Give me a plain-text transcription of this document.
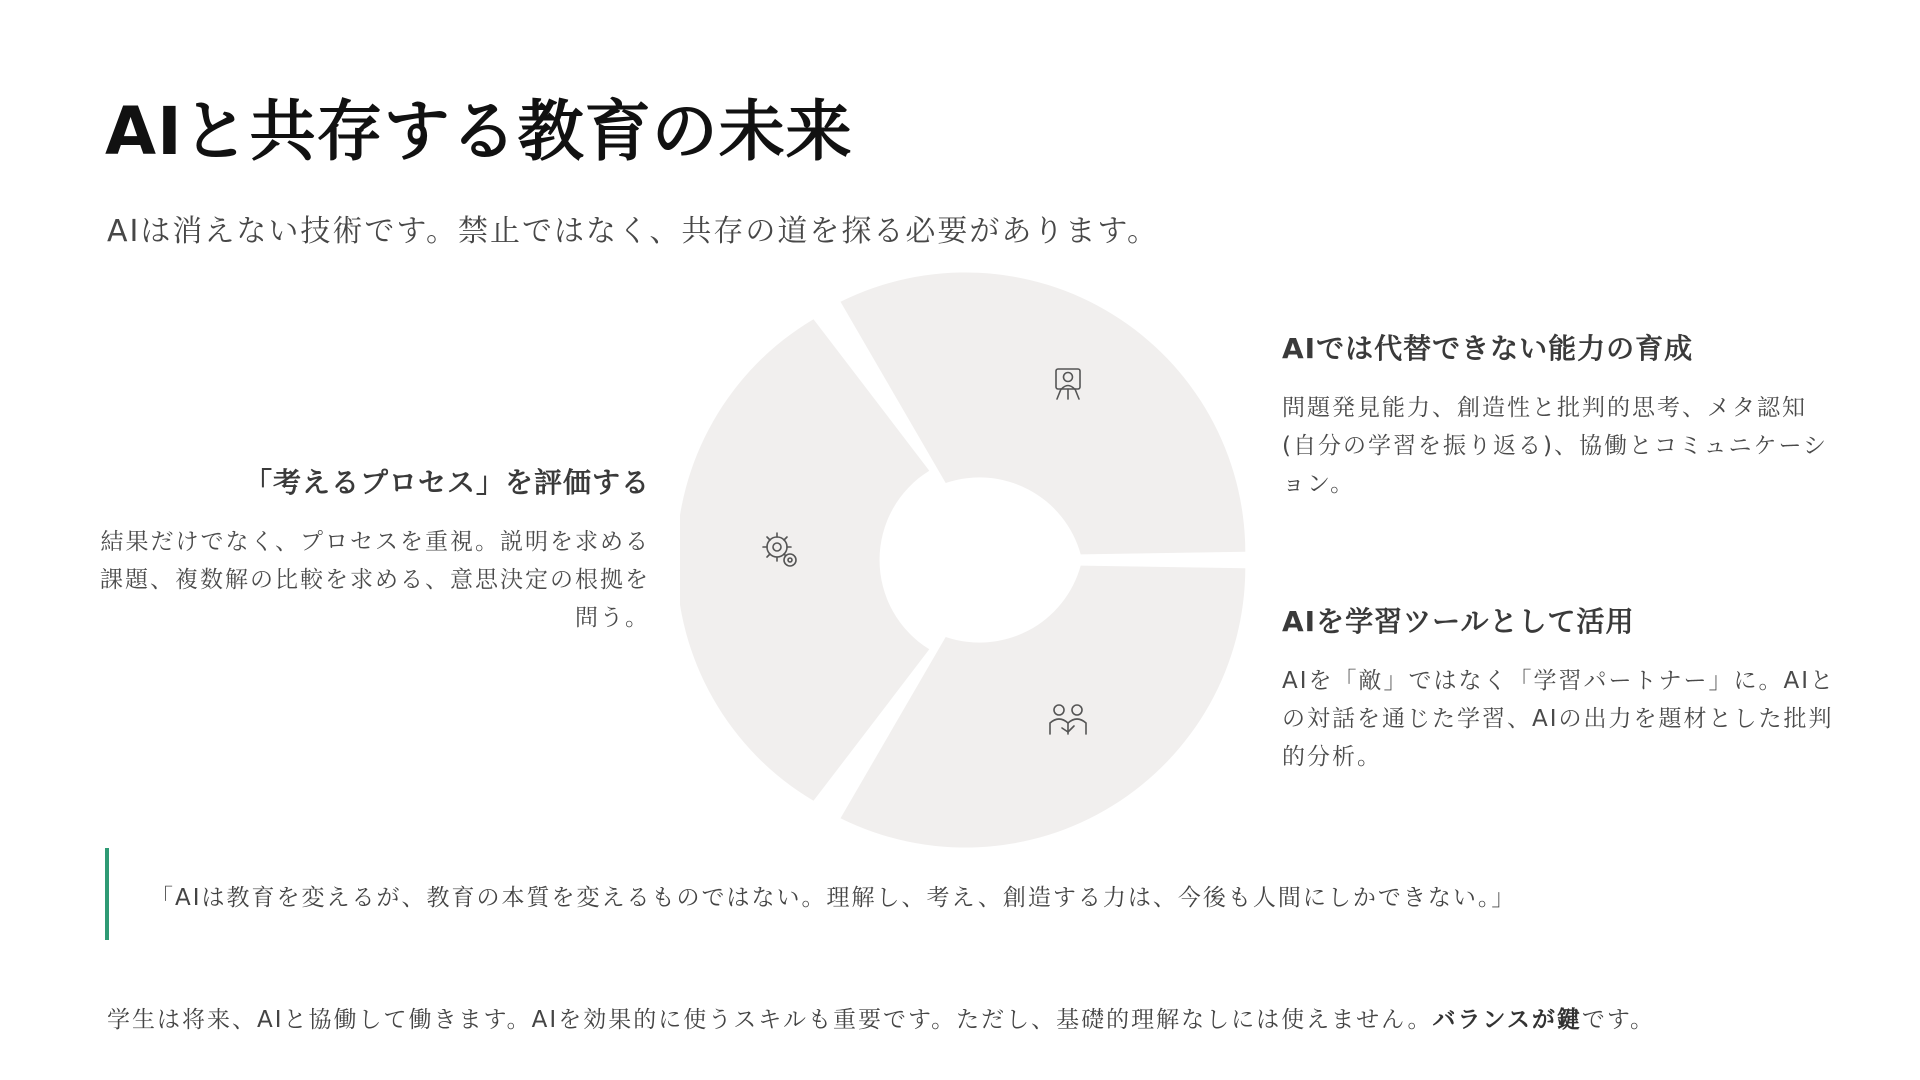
AIと共存する教育の未来

AIは消えない技術です。禁止ではなく、共存の道を探る必要があります。

「考えるプロセス」を評価する

結果だけでなく、プロセスを重視。説明を求める課題、複数解の比較を求める、意思決定の根拠を問う。

AIでは代替できない能力の育成

問題発見能力、創造性と批判的思考、メタ認知(自分の学習を振り返る)、協働とコミュニケーション。

AIを学習ツールとして活用

AIを「敵」ではなく「学習パートナー」に。AIとの対話を通じた学習、AIの出力を題材とした批判的分析。

「AIは教育を変えるが、教育の本質を変えるものではない。理解し、考え、創造する力は、今後も人間にしかできない。」

学生は将来、AIと協働して働きます。AIを効果的に使うスキルも重要です。ただし、基礎的理解なしには使えません。バランスが鍵です。
